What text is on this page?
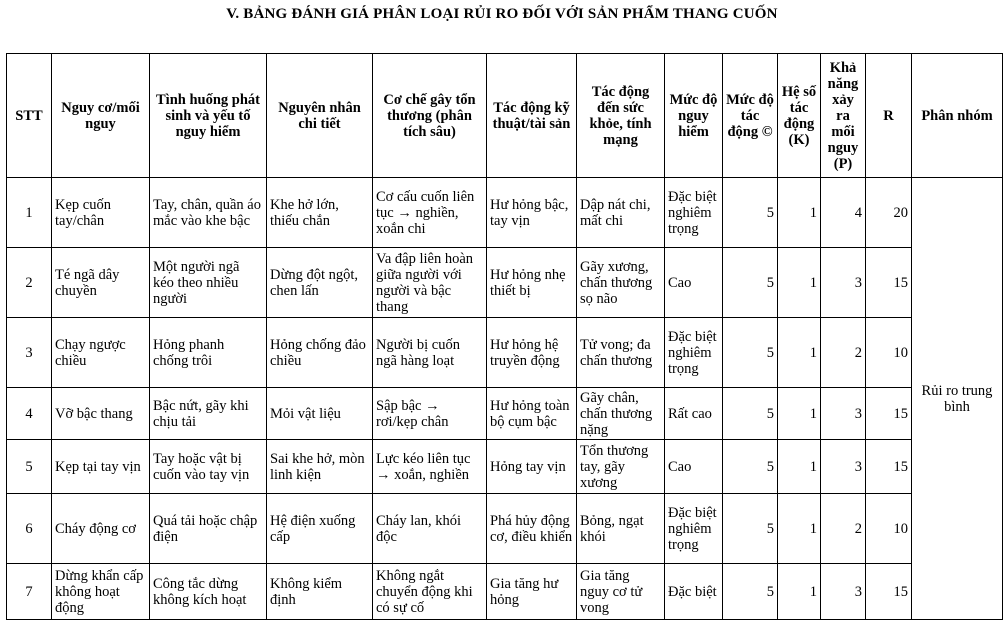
V. BẢNG ĐÁNH GIÁ PHÂN LOẠI RỦI RO ĐỐI VỚI SẢN PHẨM THANG CUỐN
STT	Nguy cơ/mối nguy	Tình huống phát sinh và yếu tố nguy hiểm	Nguyên nhân chi tiết	Cơ chế gây tổn thương (phân tích sâu)	Tác động kỹ thuật/tài sản	Tác động đến sức khỏe, tính mạng	Mức độ nguy hiểm	Mức độ tác động ©	Hệ số tác động (K)	Khả năng xảy ra mối nguy (P)	R	Phân nhóm
1	Kẹp cuốn tay/chân	Tay, chân, quần áo mắc vào khe bậc	Khe hở lớn, thiếu chắn	Cơ cấu cuốn liên tục → nghiền, xoắn chi	Hư hỏng bậc, tay vịn	Dập nát chi, mất chi	Đặc biệt nghiêm trọng	5	1	4	20	Rủi ro trung bình
2	Té ngã dây chuyền	Một người ngã kéo theo nhiều người	Dừng đột ngột, chen lấn	Va đập liên hoàn giữa người với người và bậc thang	Hư hỏng nhẹ thiết bị	Gãy xương, chấn thương sọ não	Cao	5	1	3	15	
3	Chạy ngược chiều	Hỏng phanh chống trôi	Hỏng chống đảo chiều	Người bị cuốn ngã hàng loạt	Hư hỏng hệ truyền động	Tử vong; đa chấn thương	Đặc biệt nghiêm trọng	5	1	2	10	
4	Vỡ bậc thang	Bậc nứt, gãy khi chịu tải	Mỏi vật liệu	Sập bậc → rơi/kẹp chân	Hư hỏng toàn bộ cụm bậc	Gãy chân, chấn thương nặng	Rất cao	5	1	3	15	
5	Kẹp tại tay vịn	Tay hoặc vật bị cuốn vào tay vịn	Sai khe hở, mòn linh kiện	Lực kéo liên tục → xoắn, nghiền	Hỏng tay vịn	Tổn thương tay, gãy xương	Cao	5	1	3	15	
6	Cháy động cơ	Quá tải hoặc chập điện	Hệ điện xuống cấp	Cháy lan, khói độc	Phá hủy động cơ, điều khiển	Bỏng, ngạt khói	Đặc biệt nghiêm trọng	5	1	2	10	
7	Dừng khẩn cấp không hoạt động	Công tắc dừng không kích hoạt	Không kiểm định	Không ngắt chuyển động khi có sự cố	Gia tăng hư hỏng	Gia tăng nguy cơ tử vong	Đặc biệt	5	1	3	15	
